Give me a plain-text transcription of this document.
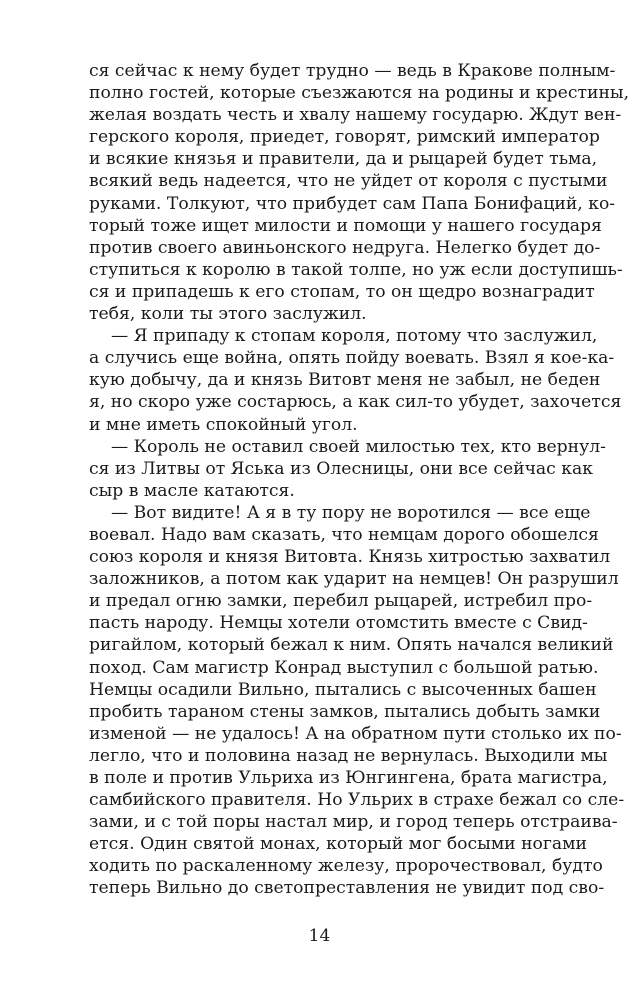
ся сейчас к нему будет трудно — ведь в Кракове полным-
полно гостей, которые съезжаются на родины и крестины,
желая воздать честь и хвалу нашему государю. Ждут вен-
герского короля, приедет, говорят, римский император
и всякие князья и правители, да и рыцарей будет тьма,
всякий ведь надеется, что не уйдет от короля с пустыми
руками. Толкуют, что прибудет сам Папа Бонифаций, ко-
торый тоже ищет милости и помощи у нашего государя
против своего авиньонского недруга. Нелегко будет до-
ступиться к королю в такой толпе, но уж если доступишь-
ся и припадешь к его стопам, то он щедро вознаградит
тебя, коли ты этого заслужил.
— Я припаду к стопам короля, потому что заслужил,
а случись еще война, опять пойду воевать. Взял я кое-ка-
кую добычу, да и князь Витовт меня не забыл, не беден
я, но скоро уже состарюсь, а как сил-то убудет, захочется
и мне иметь спокойный угол.
— Король не оставил своей милостью тех, кто вернул-
ся из Литвы от Яська из Олесницы, они все сейчас как
сыр в масле катаются.
— Вот видите! А я в ту пору не воротился — все еще
воевал. Надо вам сказать, что немцам дорого обошелся
союз короля и князя Витовта. Князь хитростью захватил
заложников, а потом как ударит на немцев! Он разрушил
и предал огню замки, перебил рыцарей, истребил про-
пасть народу. Немцы хотели отомстить вместе с Свид-
ригайлом, который бежал к ним. Опять начался великий
поход. Сам магистр Конрад выступил с большой ратью.
Немцы осадили Вильно, пытались с высоченных башен
пробить тараном стены замков, пытались добыть замки
изменой — не удалось! А на обратном пути столько их по-
легло, что и половина назад не вернулась. Выходили мы
в поле и против Ульриха из Юнгингена, брата магистра,
самбийского правителя. Но Ульрих в страхе бежал со сле-
зами, и с той поры настал мир, и город теперь отстраива-
ется. Один святой монах, который мог босыми ногами
ходить по раскаленному железу, пророчествовал, будто
теперь Вильно до светопреставления не увидит под сво-
14
